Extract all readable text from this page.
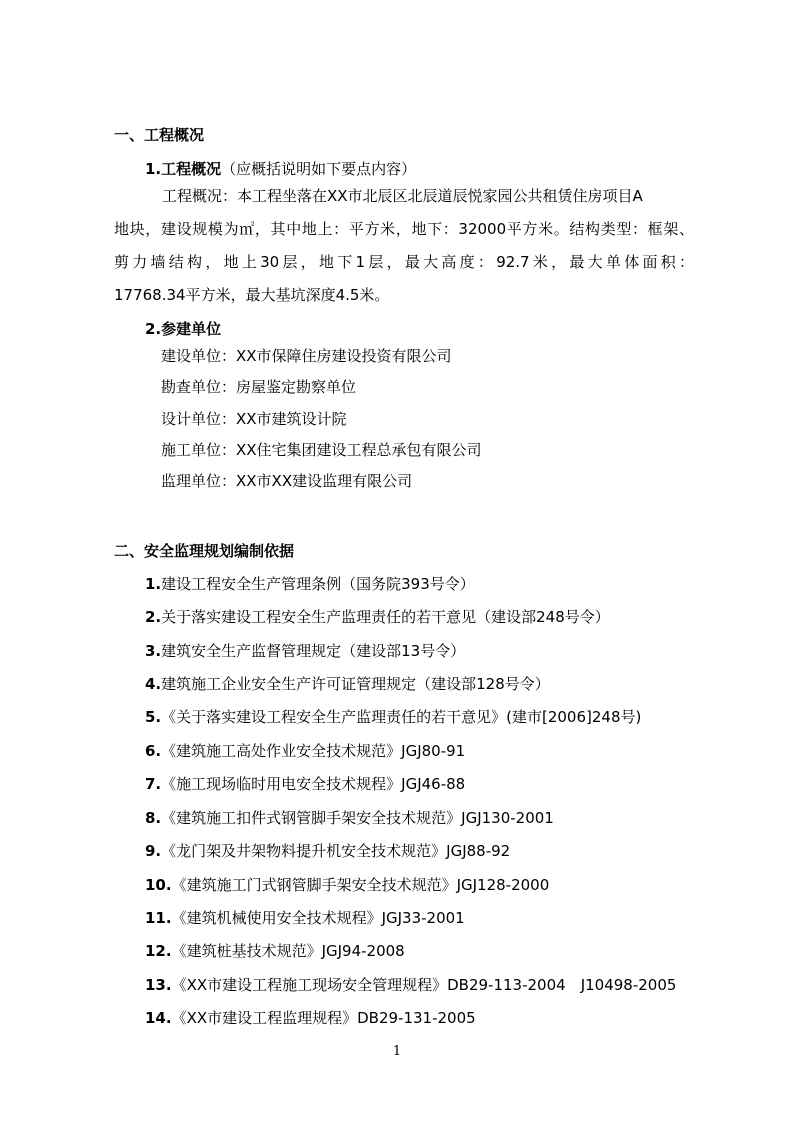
一、工程概况
1.工程概况（应概括说明如下要点内容）
工程概况：本工程坐落在XX市北辰区北辰道辰悦家园公共租赁住房项目A
地块，建设规模为㎡，其中地上：平方米，地下：32000平方米。结构类型：框架、
剪力墙结构，地上30层，地下1层，最大高度：92.7米，最大单体面积：
17768.34平方米，最大基坑深度4.5米。
2.参建单位
建设单位：XX市保障住房建设投资有限公司
勘查单位：房屋鉴定勘察单位
设计单位：XX市建筑设计院
施工单位：XX住宅集团建设工程总承包有限公司
监理单位：XX市XX建设监理有限公司
二、安全监理规划编制依据
1.建设工程安全生产管理条例（国务院393号令）
2.关于落实建设工程安全生产监理责任的若干意见（建设部248号令）
3.建筑安全生产监督管理规定（建设部13号令）
4.建筑施工企业安全生产许可证管理规定（建设部128号令）
5.《关于落实建设工程安全生产监理责任的若干意见》(建市[2006]248号)
6.《建筑施工高处作业安全技术规范》JGJ80-91
7.《施工现场临时用电安全技术规程》JGJ46-88
8.《建筑施工扣件式钢管脚手架安全技术规范》JGJ130-2001
9.《龙门架及井架物料提升机安全技术规范》JGJ88-92
10.《建筑施工门式钢管脚手架安全技术规范》JGJ128-2000
11.《建筑机械使用安全技术规程》JGJ33-2001
12.《建筑桩基技术规范》JGJ94-2008
13.《XX市建设工程施工现场安全管理规程》DB29-113-2004　J10498-2005
14.《XX市建设工程监理规程》DB29-131-2005
1
